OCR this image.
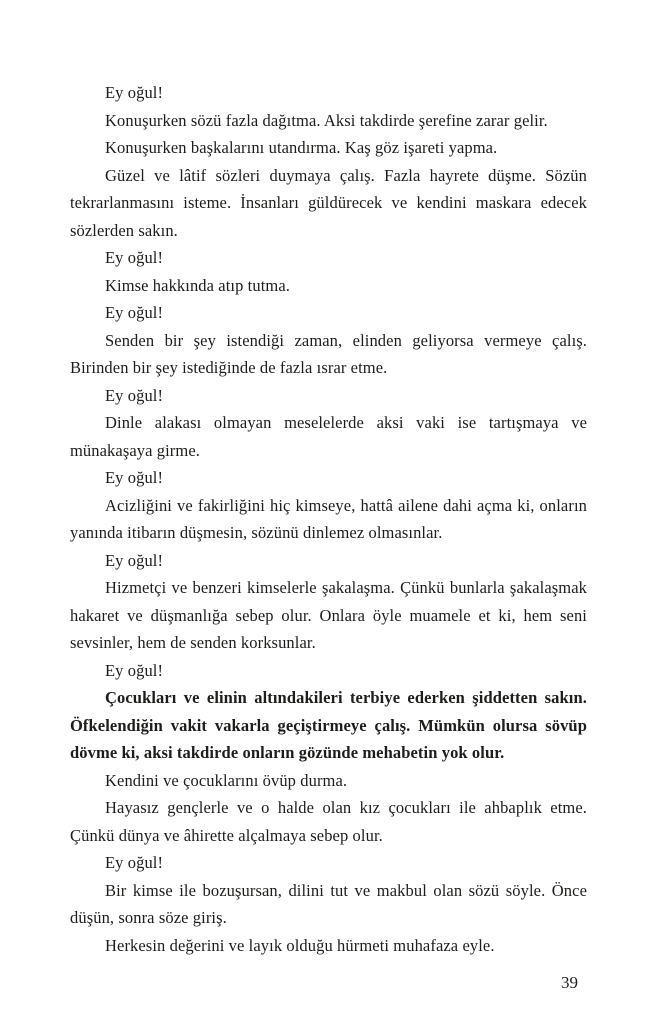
Ey oğul!

Konuşurken sözü fazla dağıtma. Aksi takdirde şerefine zarar gelir.

Konuşurken başkalarını utandırma. Kaş göz işareti yapma.

Güzel ve lâtif sözleri duymaya çalış. Fazla hayrete düşme. Sözün tekrarlanmasını isteme. İnsanları güldürecek ve kendini maskara edecek sözlerden sakın.

Ey oğul!

Kimse hakkında atıp tutma.

Ey oğul!

Senden bir şey istendiği zaman, elinden geliyorsa vermeye çalış. Birinden bir şey istediğinde de fazla ısrar etme.

Ey oğul!

Dinle alakası olmayan meselelerde aksi vaki ise tartışmaya ve münakaşaya girme.

Ey oğul!

Acizliğini ve fakirliğini hiç kimseye, hattâ ailene dahi açma ki, onların yanında itibarın düşmesin, sözünü dinlemez olmasınlar.

Ey oğul!

Hizmetçi ve benzeri kimselerle şakalaşma. Çünkü bunlarla şakalaşmak hakaret ve düşmanlığa sebep olur. Onlara öyle muamele et ki, hem seni sevsinler, hem de senden korksunlar.

Ey oğul!

Çocukları ve elinin altındakileri terbiye ederken şiddetten sakın. Öfkelendiğin vakit vakarla geçiştirmeye çalış. Mümkün olursa sövüp dövme ki, aksi takdirde onların gözünde mehabetin yok olur.

Kendini ve çocuklarını övüp durma.

Hayasız gençlerle ve o halde olan kız çocukları ile ahbaplık etme. Çünkü dünya ve âhirette alçalmaya sebep olur.

Ey oğul!

Bir kimse ile bozuşursan, dilini tut ve makbul olan sözü söyle. Önce düşün, sonra söze giriş.

Herkesin değerini ve layık olduğu hürmeti muhafaza eyle.

39
